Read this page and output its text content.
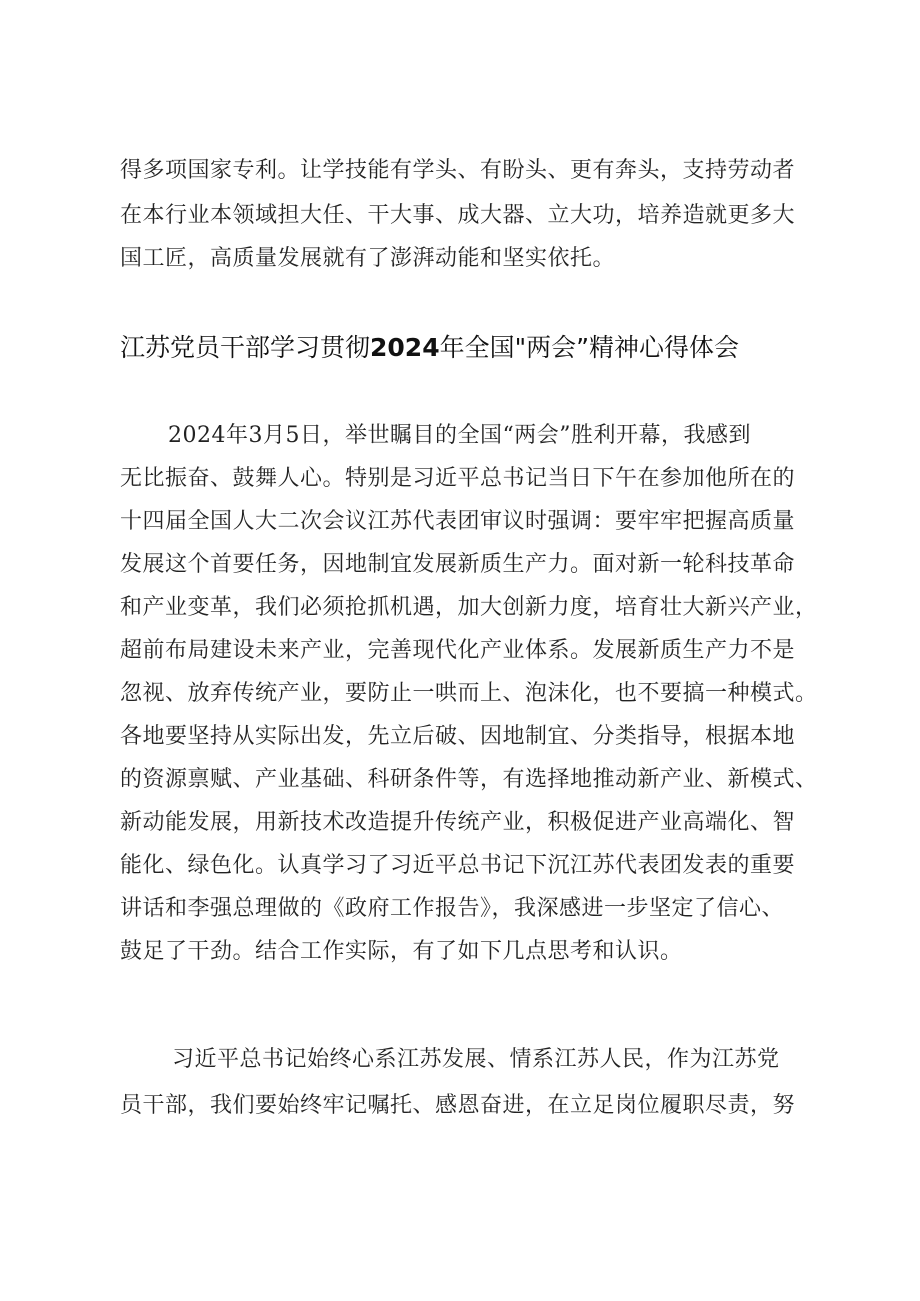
得多项国家专利。让学技能有学头、有盼头、更有奔头，支持劳动者
在本行业本领域担大任、干大事、成大器、立大功，培养造就更多大
国工匠，高质量发展就有了澎湃动能和坚实依托。
江苏党员干部学习贯彻2024年全国"两会”精神心得体会
2024年3月5日，举世瞩目的全国“两会”胜利开幕，我感到
无比振奋、鼓舞人心。特别是习近平总书记当日下午在参加他所在的
十四届全国人大二次会议江苏代表团审议时强调：要牢牢把握高质量
发展这个首要任务，因地制宜发展新质生产力。面对新一轮科技革命
和产业变革，我们必须抢抓机遇，加大创新力度，培育壮大新兴产业，
超前布局建设未来产业，完善现代化产业体系。发展新质生产力不是
忽视、放弃传统产业，要防止一哄而上、泡沫化，也不要搞一种模式。
各地要坚持从实际出发，先立后破、因地制宜、分类指导，根据本地
的资源禀赋、产业基础、科研条件等，有选择地推动新产业、新模式、
新动能发展，用新技术改造提升传统产业，积极促进产业高端化、智
能化、绿色化。认真学习了习近平总书记下沉江苏代表团发表的重要
讲话和李强总理做的《政府工作报告》，我深感进一步坚定了信心、
鼓足了干劲。结合工作实际，有了如下几点思考和认识。
习近平总书记始终心系江苏发展、情系江苏人民，作为江苏党
员干部，我们要始终牢记嘱托、感恩奋进，在立足岗位履职尽责，努
